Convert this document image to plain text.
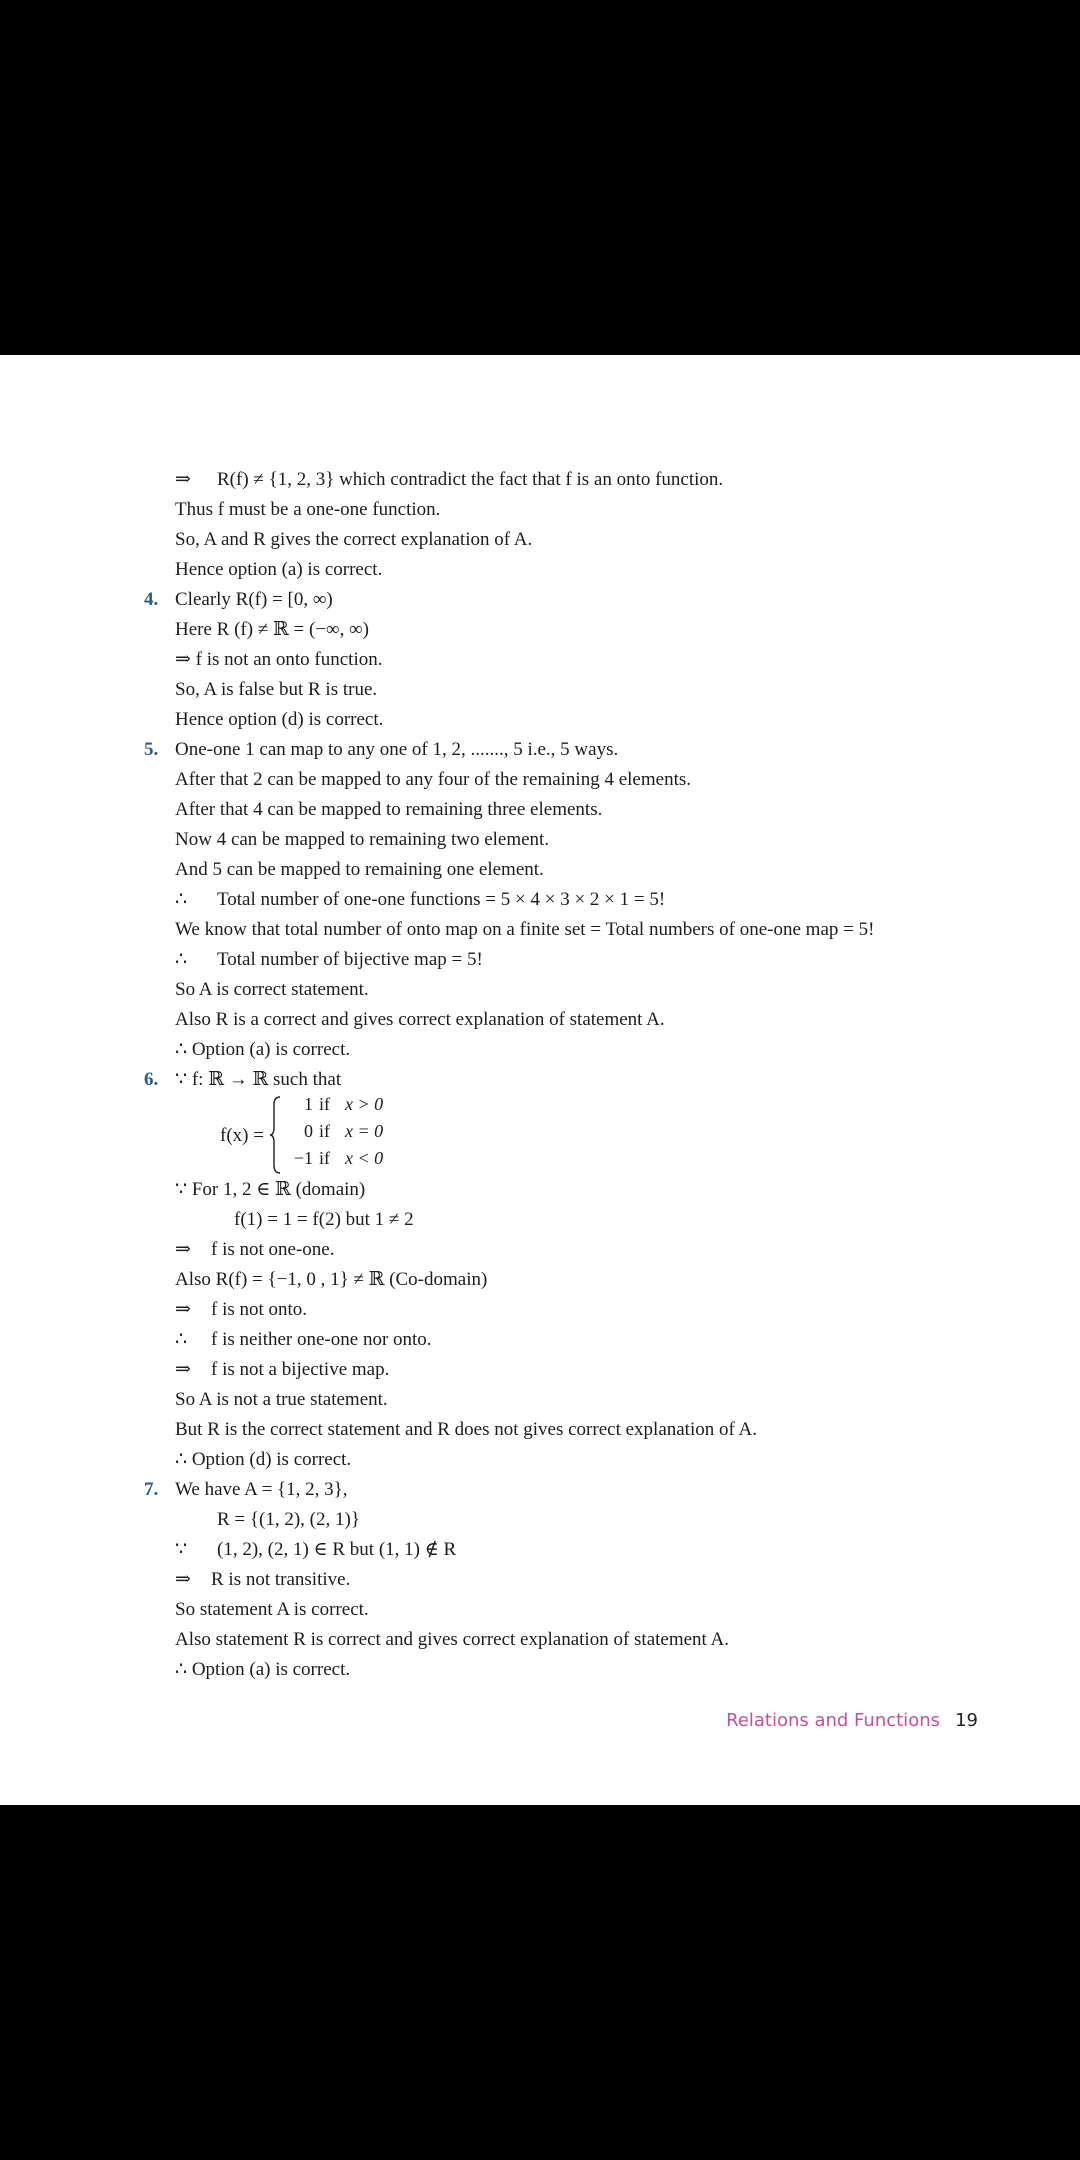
⇒ R(f) ≠ {1, 2, 3} which contradict the fact that f is an onto function.
Thus f must be a one-one function.
So, A and R gives the correct explanation of A.
Hence option (a) is correct.
4. Clearly R(f) = [0, ∞)
Here R (f) ≠ ℝ = (−∞, ∞)
⇒ f is not an onto function.
So, A is false but R is true.
Hence option (d) is correct.
5. One-one 1 can map to any one of 1, 2, ......., 5 i.e., 5 ways.
After that 2 can be mapped to any four of the remaining 4 elements.
After that 4 can be mapped to remaining three elements.
Now 4 can be mapped to remaining two element.
And 5 can be mapped to remaining one element.
∴ Total number of one-one functions = 5 × 4 × 3 × 2 × 1 = 5!
We know that total number of onto map on a finite set = Total numbers of one-one map = 5!
∴ Total number of bijective map = 5!
So A is correct statement.
Also R is a correct and gives correct explanation of statement A.
∴ Option (a) is correct.
6. ∵ f: ℝ → ℝ such that
f(x) =
1 if x > 0
0 if x = 0
−1 if x < 0
∵ For 1, 2 ∈ ℝ (domain)
f(1) = 1 = f(2) but 1 ≠ 2
⇒ f is not one-one.
Also R(f) = {−1, 0 , 1} ≠ ℝ (Co-domain)
⇒ f is not onto.
∴ f is neither one-one nor onto.
⇒ f is not a bijective map.
So A is not a true statement.
But R is the correct statement and R does not gives correct explanation of A.
∴ Option (d) is correct.
7. We have A = {1, 2, 3},
R = {(1, 2), (2, 1)}
∵ (1, 2), (2, 1) ∈ R but (1, 1) ∉ R
⇒ R is not transitive.
So statement A is correct.
Also statement R is correct and gives correct explanation of statement A.
∴ Option (a) is correct.
Relations and Functions 19
